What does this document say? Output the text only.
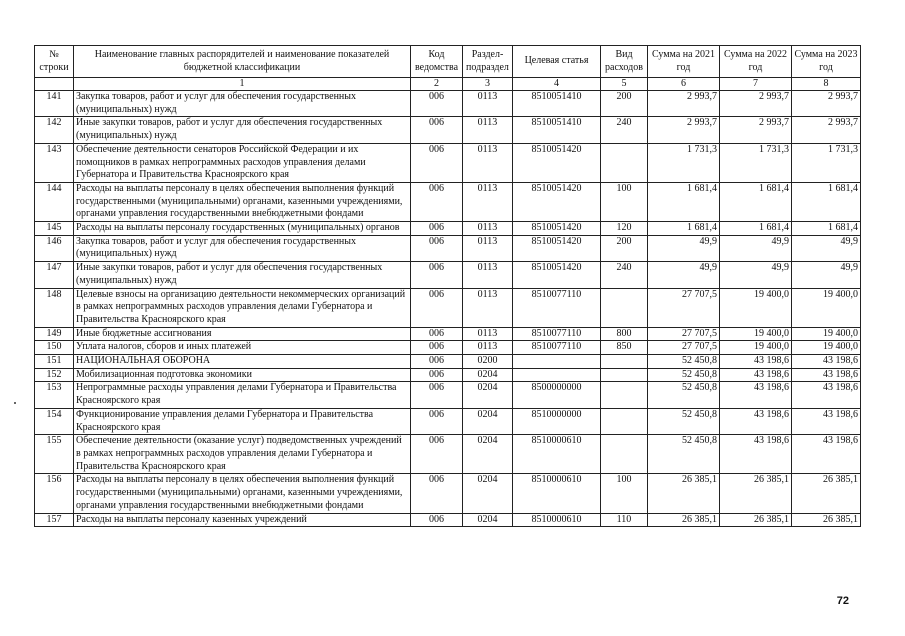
№ строки	Наименование главных распорядителей и наименование показателей бюджетной классификации	Код ведомства	Раздел-подраздел	Целевая статья	Вид расходов	Сумма на 2021 год	Сумма на 2022 год	Сумма на 2023 год
	1	2	3	4	5	6	7	8
141	Закупка товаров, работ и услуг для обеспечения государственных (муниципальных) нужд	006	0113	8510051410	200	2 993,7	2 993,7	2 993,7
142	Иные закупки товаров, работ и услуг для обеспечения государственных (муниципальных) нужд	006	0113	8510051410	240	2 993,7	2 993,7	2 993,7
143	Обеспечение деятельности сенаторов Российской Федерации и их помощников в рамках непрограммных расходов управления делами Губернатора и Правительства Красноярского края	006	0113	8510051420		1 731,3	1 731,3	1 731,3
144	Расходы на выплаты персоналу в целях обеспечения выполнения функций государственными (муниципальными) органами, казенными учреждениями, органами управления государственными внебюджетными фондами	006	0113	8510051420	100	1 681,4	1 681,4	1 681,4
145	Расходы на выплаты персоналу государственных (муниципальных) органов	006	0113	8510051420	120	1 681,4	1 681,4	1 681,4
146	Закупка товаров, работ и услуг для обеспечения государственных (муниципальных) нужд	006	0113	8510051420	200	49,9	49,9	49,9
147	Иные закупки товаров, работ и услуг для обеспечения государственных (муниципальных) нужд	006	0113	8510051420	240	49,9	49,9	49,9
148	Целевые взносы на организацию деятельности некоммерческих организаций в рамках непрограммных расходов управления делами Губернатора и Правительства Красноярского края	006	0113	8510077110		27 707,5	19 400,0	19 400,0
149	Иные бюджетные ассигнования	006	0113	8510077110	800	27 707,5	19 400,0	19 400,0
150	Уплата налогов, сборов и иных платежей	006	0113	8510077110	850	27 707,5	19 400,0	19 400,0
151	НАЦИОНАЛЬНАЯ ОБОРОНА	006	0200			52 450,8	43 198,6	43 198,6
152	Мобилизационная подготовка экономики	006	0204			52 450,8	43 198,6	43 198,6
153	Непрограммные расходы управления делами Губернатора и Правительства Красноярского края	006	0204	8500000000		52 450,8	43 198,6	43 198,6
154	Функционирование управления делами Губернатора и Правительства Красноярского края	006	0204	8510000000		52 450,8	43 198,6	43 198,6
155	Обеспечение деятельности (оказание услуг) подведомственных учреждений в рамках непрограммных расходов управления делами Губернатора и Правительства Красноярского края	006	0204	8510000610		52 450,8	43 198,6	43 198,6
156	Расходы на выплаты персоналу в целях обеспечения выполнения функций государственными (муниципальными) органами, казенными учреждениями, органами управления государственными внебюджетными фондами	006	0204	8510000610	100	26 385,1	26 385,1	26 385,1
157	Расходы на выплаты персоналу казенных учреждений	006	0204	8510000610	110	26 385,1	26 385,1	26 385,1
72
